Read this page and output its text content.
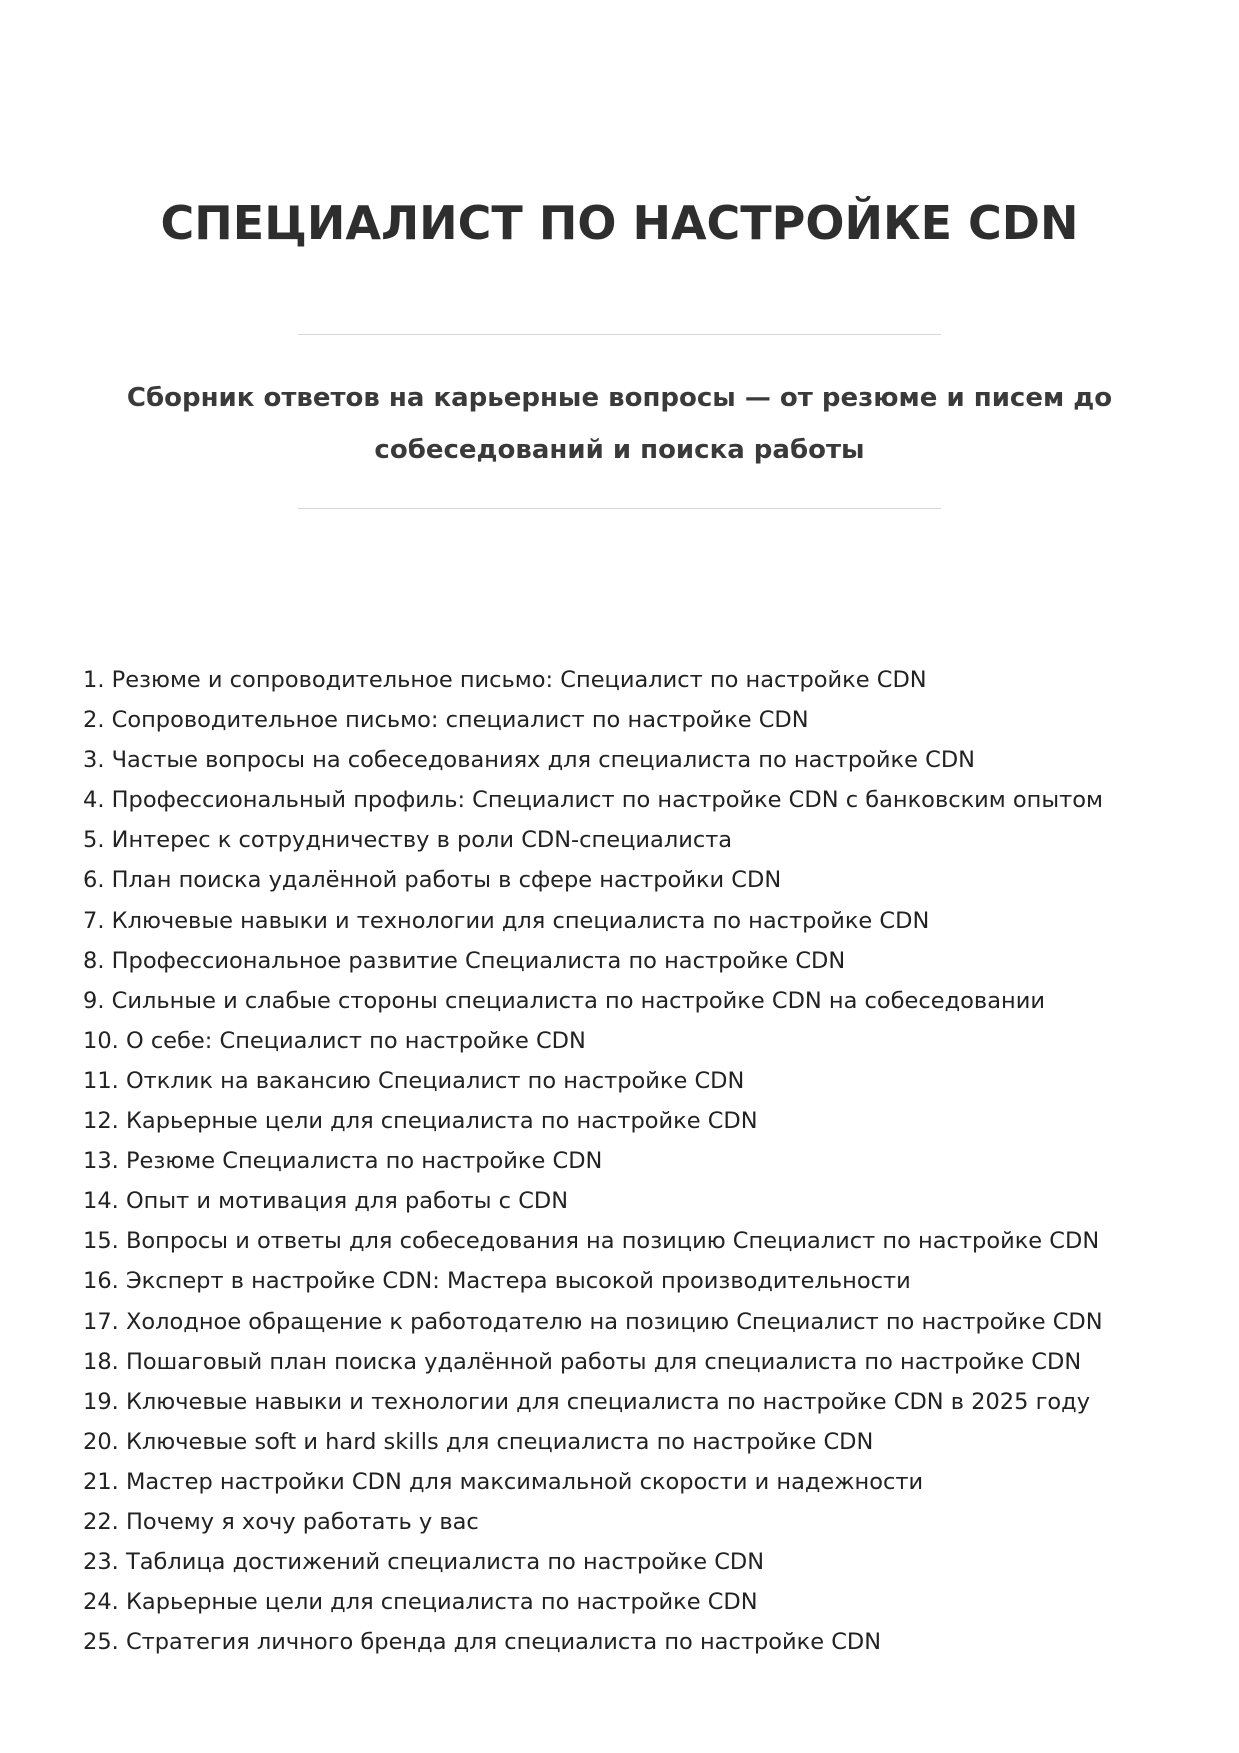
СПЕЦИАЛИСТ ПО НАСТРОЙКЕ CDN

Сборник ответов на карьерные вопросы — от резюме и писем до собеседований и поиска работы

1. Резюме и сопроводительное письмо: Специалист по настройке CDN
2. Сопроводительное письмо: специалист по настройке CDN
3. Частые вопросы на собеседованиях для специалиста по настройке CDN
4. Профессиональный профиль: Специалист по настройке CDN с банковским опытом
5. Интерес к сотрудничеству в роли CDN-специалиста
6. План поиска удалённой работы в сфере настройки CDN
7. Ключевые навыки и технологии для специалиста по настройке CDN
8. Профессиональное развитие Специалиста по настройке CDN
9. Сильные и слабые стороны специалиста по настройке CDN на собеседовании
10. О себе: Специалист по настройке CDN
11. Отклик на вакансию Специалист по настройке CDN
12. Карьерные цели для специалиста по настройке CDN
13. Резюме Специалиста по настройке CDN
14. Опыт и мотивация для работы с CDN
15. Вопросы и ответы для собеседования на позицию Специалист по настройке CDN
16. Эксперт в настройке CDN: Мастера высокой производительности
17. Холодное обращение к работодателю на позицию Специалист по настройке CDN
18. Пошаговый план поиска удалённой работы для специалиста по настройке CDN
19. Ключевые навыки и технологии для специалиста по настройке CDN в 2025 году
20. Ключевые soft и hard skills для специалиста по настройке CDN
21. Мастер настройки CDN для максимальной скорости и надежности
22. Почему я хочу работать у вас
23. Таблица достижений специалиста по настройке CDN
24. Карьерные цели для специалиста по настройке CDN
25. Стратегия личного бренда для специалиста по настройке CDN
